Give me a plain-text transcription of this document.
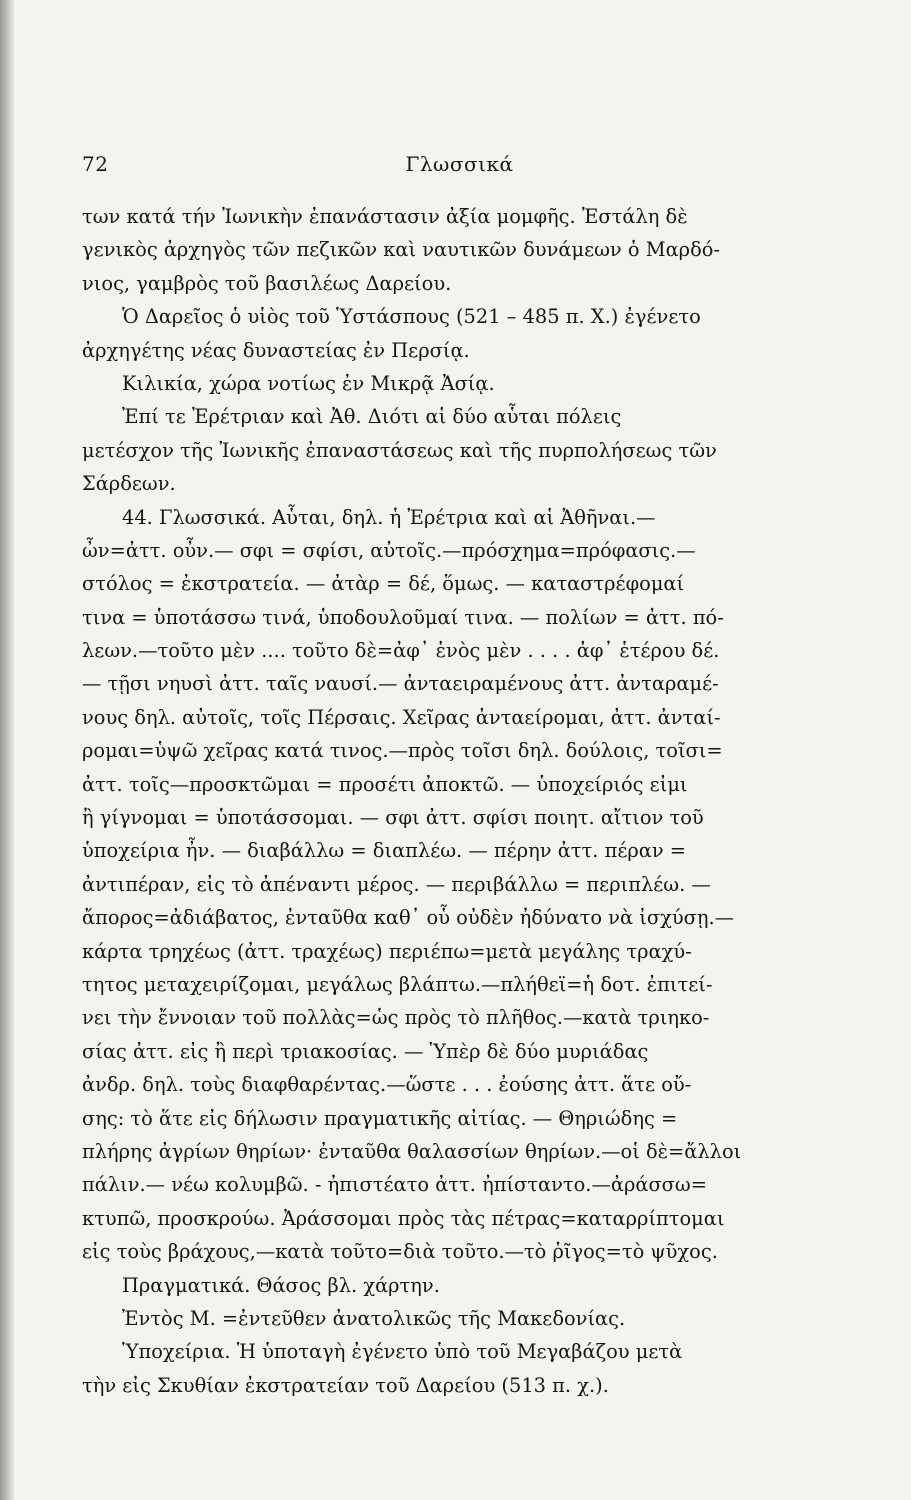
72	Γλωσσικά
των κατά τήν Ἰωνικὴν ἐπανάστασιν ἀξία μομφῆς. Ἐστάλη δὲ
γενικὸς ἀρχηγὸς τῶν πεζικῶν καὶ ναυτικῶν δυνάμεων ὁ Μαρδό-
νιος, γαμβρὸς τοῦ βασιλέως Δαρείου.
Ὁ Δαρεῖος ὁ υἱὸς τοῦ Ὑστάσπους (521 – 485 π. Χ.) ἐγένετο
ἀρχηγέτης νέας δυναστείας ἐν Περσίᾳ.
Κιλικία, χώρα νοτίως ἐν Μικρᾷ Ἀσίᾳ.
Ἐπί τε Ἐρέτριαν καὶ Ἀθ. Διότι αἱ δύο αὗται πόλεις
μετέσχον τῆς Ἰωνικῆς ἐπαναστάσεως καὶ τῆς πυρπολήσεως τῶν
Σάρδεων.
44. Γλωσσικά. Αὗται, δηλ. ἡ Ἐρέτρια καὶ αἱ Ἀθῆναι.—
ὦν=ἀττ. οὖν.— σφι = σφίσι, αὐτοῖς.—πρόσχημα=πρόφασις.—
στόλος = ἐκστρατεία. — ἀτὰρ = δέ, ὅμως. — καταστρέφομαί
τινα = ὑποτάσσω τινά, ὑποδουλοῦμαί τινα. — πολίων = ἀττ. πό-
λεων.—τοῦτο μὲν .... τοῦτο δὲ=ἀφ᾽ ἑνὸς μὲν . . . . ἀφ᾽ ἑτέρου δέ.
— τῇσι νηυσὶ ἀττ. ταῖς ναυσί.— ἀνταειραμένους ἀττ. ἀνταραμέ-
νους δηλ. αὐτοῖς, τοῖς Πέρσαις. Χεῖρας ἀνταείρομαι, ἀττ. ἀνταί-
ρομαι=ὑψῶ χεῖρας κατά τινος.—πρὸς τοῖσι δηλ. δούλοις, τοῖσι=
ἀττ. τοῖς—προσκτῶμαι = προσέτι ἀποκτῶ. — ὑποχείριός εἰμι
ἢ γίγνομαι = ὑποτάσσομαι. — σφι ἀττ. σφίσι ποιητ. αἴτιον τοῦ
ὑποχείρια ἦν. — διαβάλλω = διαπλέω. — πέρην ἀττ. πέραν =
ἀντιπέραν, εἰς τὸ ἀπέναντι μέρος. — περιβάλλω = περιπλέω. —
ἄπορος=ἀδιάβατος, ἐνταῦθα καθ᾽ οὗ οὐδὲν ἠδύνατο νὰ ἰσχύσῃ.—
κάρτα τρηχέως (ἀττ. τραχέως) περιέπω=μετὰ μεγάλης τραχύ-
τητος μεταχειρίζομαι, μεγάλως βλάπτω.—πλήθεϊ=ἡ δοτ. ἐπιτεί-
νει τὴν ἔννοιαν τοῦ πολλὰς=ὡς πρὸς τὸ πλῆθος.—κατὰ τριηκο-
σίας ἀττ. εἰς ἢ περὶ τριακοσίας. — Ὑπὲρ δὲ δύο μυριάδας
ἀνδρ. δηλ. τοὺς διαφθαρέντας.—ὥστε . . . ἐούσης ἀττ. ἅτε οὔ-
σης: τὸ ἅτε εἰς δήλωσιν πραγματικῆς αἰτίας. — Θηριώδης =
πλήρης ἀγρίων θηρίων· ἐνταῦθα θαλασσίων θηρίων.—οἱ δὲ=ἄλλοι
πάλιν.— νέω κολυμβῶ. - ἠπιστέατο ἀττ. ἠπίσταντο.—ἀράσσω=
κτυπῶ, προσκρούω. Ἀράσσομαι πρὸς τὰς πέτρας=καταρρίπτομαι
εἰς τοὺς βράχους,—κατὰ τοῦτο=διὰ τοῦτο.—τὸ ῥῖγος=τὸ ψῦχος.
Πραγματικά. Θάσος βλ. χάρτην.
Ἐντὸς Μ. =ἐντεῦθεν ἀνατολικῶς τῆς Μακεδονίας.
Ὑποχείρια. Ἡ ὑποταγὴ ἐγένετο ὑπὸ τοῦ Μεγαβάζου μετὰ
τὴν εἰς Σκυθίαν ἐκστρατείαν τοῦ Δαρείου (513 π. χ.).
